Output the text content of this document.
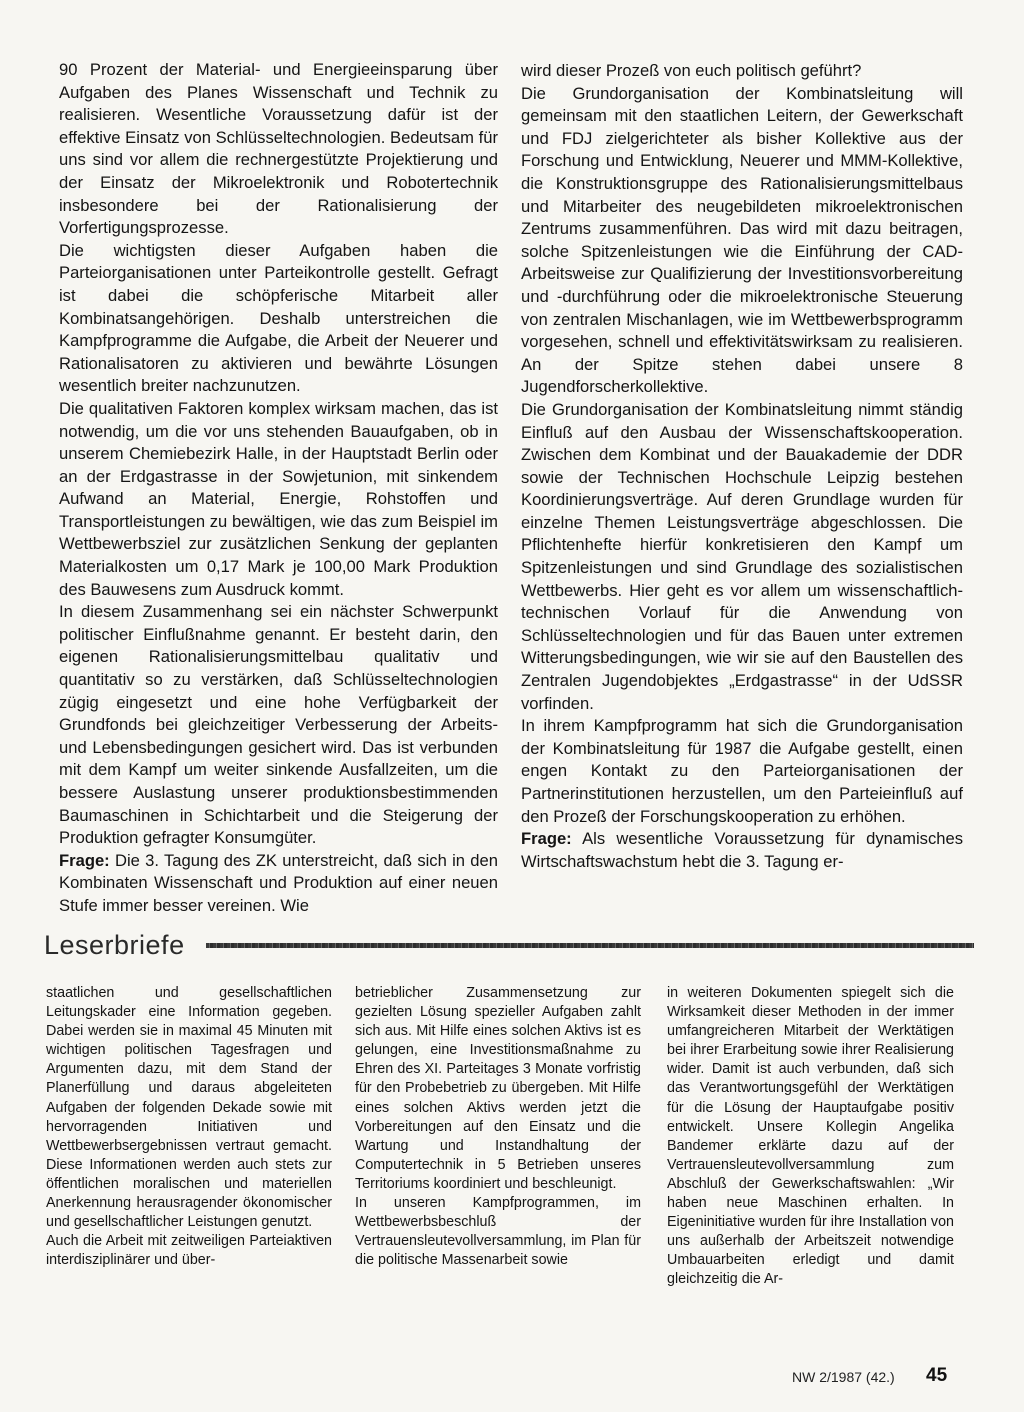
90 Prozent der Material- und Energieeinsparung über Aufgaben des Planes Wissenschaft und Technik zu realisieren. Wesentliche Voraussetzung dafür ist der effektive Einsatz von Schlüsseltechnologien. Bedeutsam für uns sind vor allem die rechnergestützte Projektierung und der Einsatz der Mikroelektronik und Robotertechnik insbesondere bei der Rationalisierung der Vorfertigungsprozesse.

Die wichtigsten dieser Aufgaben haben die Parteiorganisationen unter Parteikontrolle gestellt. Gefragt ist dabei die schöpferische Mitarbeit aller Kombinatsangehörigen. Deshalb unterstreichen die Kampfprogramme die Aufgabe, die Arbeit der Neuerer und Rationalisatoren zu aktivieren und bewährte Lösungen wesentlich breiter nachzunutzen.

Die qualitativen Faktoren komplex wirksam machen, das ist notwendig, um die vor uns stehenden Bauaufgaben, ob in unserem Chemiebezirk Halle, in der Hauptstadt Berlin oder an der Erdgastrasse in der Sowjetunion, mit sinkendem Aufwand an Material, Energie, Rohstoffen und Transportleistungen zu bewältigen, wie das zum Beispiel im Wettbewerbsziel zur zusätzlichen Senkung der geplanten Materialkosten um 0,17 Mark je 100,00 Mark Produktion des Bauwesens zum Ausdruck kommt.

In diesem Zusammenhang sei ein nächster Schwerpunkt politischer Einflußnahme genannt. Er besteht darin, den eigenen Rationalisierungsmittelbau qualitativ und quantitativ so zu verstärken, daß Schlüsseltechnologien zügig eingesetzt und eine hohe Verfügbarkeit der Grundfonds bei gleichzeitiger Verbesserung der Arbeits- und Lebensbedingungen gesichert wird. Das ist verbunden mit dem Kampf um weiter sinkende Ausfallzeiten, um die bessere Auslastung unserer produktionsbestimmenden Baumaschinen in Schichtarbeit und die Steigerung der Produktion gefragter Konsumgüter.

Frage: Die 3. Tagung des ZK unterstreicht, daß sich in den Kombinaten Wissenschaft und Produktion auf einer neuen Stufe immer besser vereinen. Wie

wird dieser Prozeß von euch politisch geführt?

Die Grundorganisation der Kombinatsleitung will gemeinsam mit den staatlichen Leitern, der Gewerkschaft und FDJ zielgerichteter als bisher Kollektive aus der Forschung und Entwicklung, Neuerer und MMM-Kollektive, die Konstruktionsgruppe des Rationalisierungsmittelbaus und Mitarbeiter des neugebildeten mikroelektronischen Zentrums zusammenführen. Das wird mit dazu beitragen, solche Spitzenleistungen wie die Einführung der CAD-Arbeitsweise zur Qualifizierung der Investitionsvorbereitung und -durchführung oder die mikroelektronische Steuerung von zentralen Mischanlagen, wie im Wettbewerbsprogramm vorgesehen, schnell und effektivitätswirksam zu realisieren. An der Spitze stehen dabei unsere 8 Jugendforscherkollektive.

Die Grundorganisation der Kombinatsleitung nimmt ständig Einfluß auf den Ausbau der Wissenschaftskooperation. Zwischen dem Kombinat und der Bauakademie der DDR sowie der Technischen Hochschule Leipzig bestehen Koordinierungsverträge. Auf deren Grundlage wurden für einzelne Themen Leistungsverträge abgeschlossen. Die Pflichtenhefte hierfür konkretisieren den Kampf um Spitzenleistungen und sind Grundlage des sozialistischen Wettbewerbs. Hier geht es vor allem um wissenschaftlich-technischen Vorlauf für die Anwendung von Schlüsseltechnologien und für das Bauen unter extremen Witterungsbedingungen, wie wir sie auf den Baustellen des Zentralen Jugendobjektes „Erdgastrasse“ in der UdSSR vorfinden.

In ihrem Kampfprogramm hat sich die Grundorganisation der Kombinatsleitung für 1987 die Aufgabe gestellt, einen engen Kontakt zu den Parteiorganisationen der Partnerinstitutionen herzustellen, um den Parteieinfluß auf den Prozeß der Forschungskooperation zu erhöhen.

Frage: Als wesentliche Voraussetzung für dynamisches Wirtschaftswachstum hebt die 3. Tagung er-

Leserbriefe

staatlichen und gesellschaftlichen Leitungskader eine Information gegeben. Dabei werden sie in maximal 45 Minuten mit wichtigen politischen Tagesfragen und Argumenten dazu, mit dem Stand der Planerfüllung und daraus abgeleiteten Aufgaben der folgenden Dekade sowie mit hervorragenden Initiativen und Wettbewerbsergebnissen vertraut gemacht. Diese Informationen werden auch stets zur öffentlichen moralischen und materiellen Anerkennung herausragender ökonomischer und gesellschaftlicher Leistungen genutzt.

Auch die Arbeit mit zeitweiligen Parteiaktiven interdisziplinärer und über-

betrieblicher Zusammensetzung zur gezielten Lösung spezieller Aufgaben zahlt sich aus. Mit Hilfe eines solchen Aktivs ist es gelungen, eine Investitionsmaßnahme zu Ehren des XI. Parteitages 3 Monate vorfristig für den Probebetrieb zu übergeben. Mit Hilfe eines solchen Aktivs werden jetzt die Vorbereitungen auf den Einsatz und die Wartung und Instandhaltung der Computertechnik in 5 Betrieben unseres Territoriums koordiniert und beschleunigt.

In unseren Kampfprogrammen, im Wettbewerbsbeschluß der Vertrauensleutevollversammlung, im Plan für die politische Massenarbeit sowie

in weiteren Dokumenten spiegelt sich die Wirksamkeit dieser Methoden in der immer umfangreicheren Mitarbeit der Werktätigen bei ihrer Erarbeitung sowie ihrer Realisierung wider. Damit ist auch verbunden, daß sich das Verantwortungsgefühl der Werktätigen für die Lösung der Hauptaufgabe positiv entwickelt. Unsere Kollegin Angelika Bandemer erklärte dazu auf der Vertrauensleutevollversammlung zum Abschluß der Gewerkschaftswahlen: „Wir haben neue Maschinen erhalten. In Eigeninitiative wurden für ihre Installation von uns außerhalb der Arbeitszeit notwendige Umbauarbeiten erledigt und damit gleichzeitig die Ar-

NW 2/1987 (42.) 45
